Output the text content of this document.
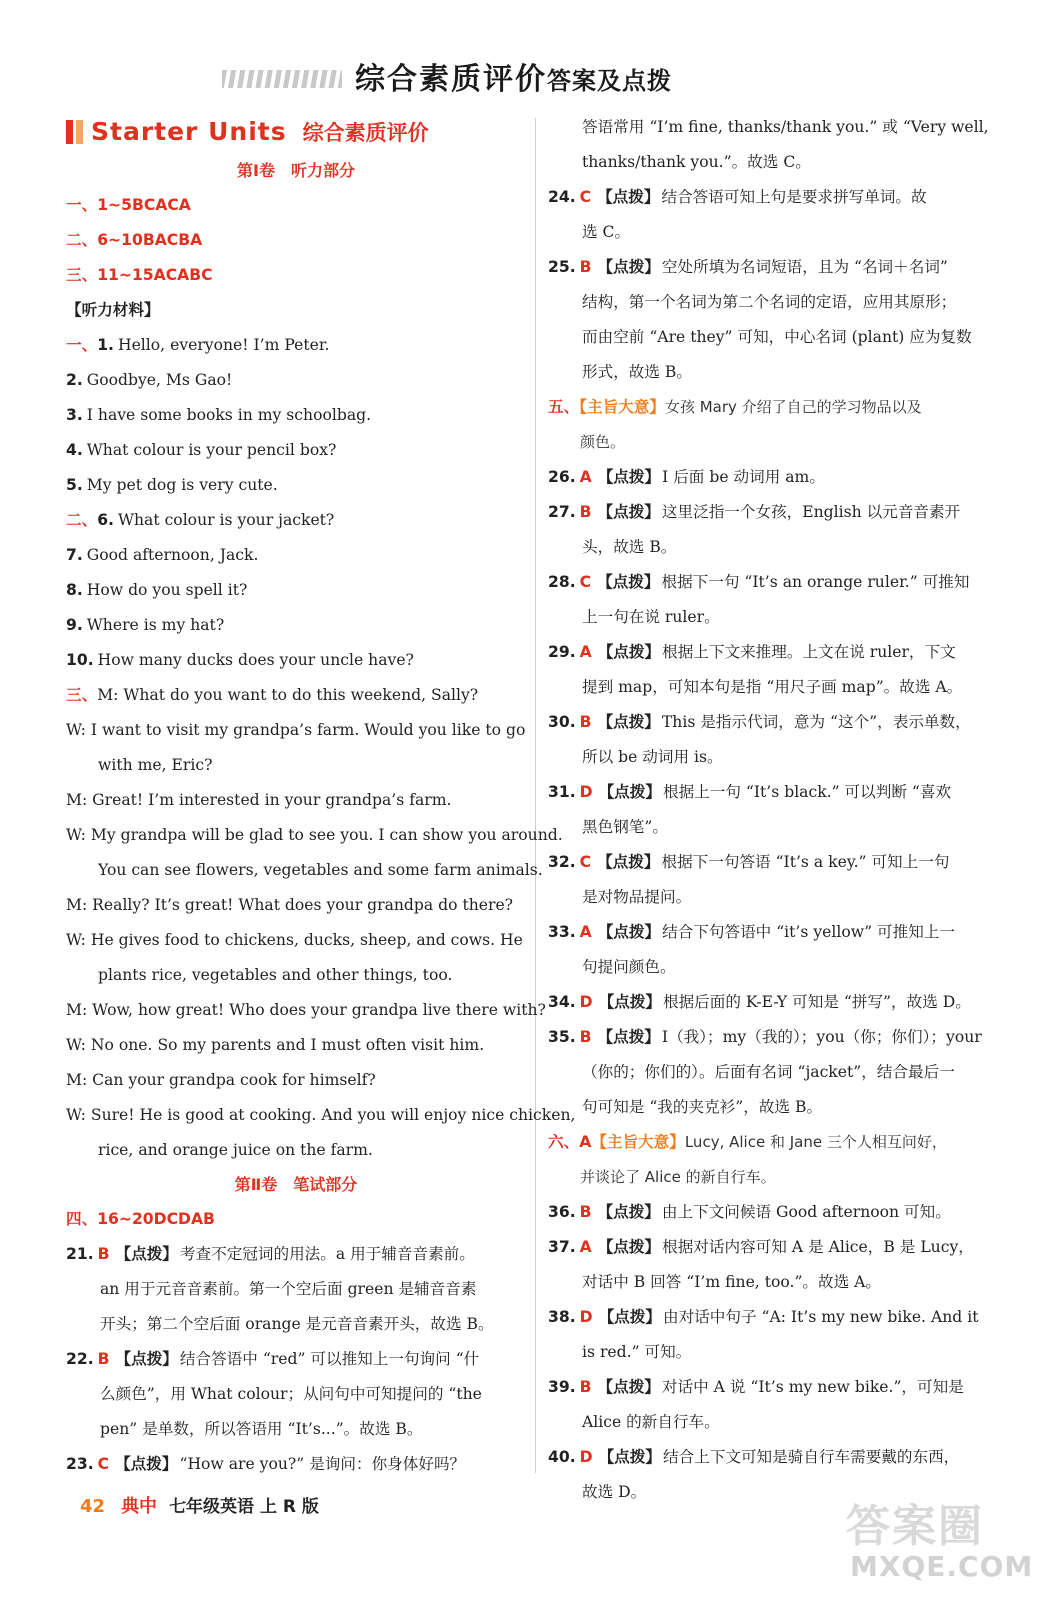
综合素质评价答案及点拨
Starter Units 综合素质评价
第Ⅰ卷　听力部分
一、1~5BCACA
二、6~10BACBA
三、11~15ACABC
【听力材料】
一、1. Hello, everyone! I’m Peter.
2. Goodbye, Ms Gao!
3. I have some books in my schoolbag.
4. What colour is your pencil box?
5. My pet dog is very cute.
二、6. What colour is your jacket?
7. Good afternoon, Jack.
8. How do you spell it?
9. Where is my hat?
10. How many ducks does your uncle have?
三、M: What do you want to do this weekend, Sally?
W: I want to visit my grandpa’s farm. Would you like to go
with me, Eric?
M: Great! I’m interested in your grandpa’s farm.
W: My grandpa will be glad to see you. I can show you around.
You can see flowers, vegetables and some farm animals.
M: Really? It’s great! What does your grandpa do there?
W: He gives food to chickens, ducks, sheep, and cows. He
plants rice, vegetables and other things, too.
M: Wow, how great! Who does your grandpa live there with?
W: No one. So my parents and I must often visit him.
M: Can your grandpa cook for himself?
W: Sure! He is good at cooking. And you will enjoy nice chicken,
rice, and orange juice on the farm.
第Ⅱ卷　笔试部分
四、16~20DCDAB
21. B 【点拨】 考查不定冠词的用法。a 用于辅音音素前。
an 用于元音音素前。第一个空后面 green 是辅音音素
开头；第二个空后面 orange 是元音音素开头，故选 B。
22. B 【点拨】 结合答语中 “red” 可以推知上一句询问 “什
么颜色”，用 What colour；从问句中可知提问的 “the
pen” 是单数，所以答语用 “It’s...”。故选 B。
23. C 【点拨】 “How are you?” 是询问：你身体好吗？
答语常用 “I’m fine, thanks/thank you.” 或 “Very well,
thanks/thank you.”。故选 C。
24. C 【点拨】 结合答语可知上句是要求拼写单词。故
选 C。
25. B 【点拨】 空处所填为名词短语，且为 “名词＋名词”
结构，第一个名词为第二个名词的定语，应用其原形；
而由空前 “Are they” 可知，中心名词 (plant) 应为复数
形式，故选 B。
五、【主旨大意】女孩 Mary 介绍了自己的学习物品以及
颜色。
26. A 【点拨】 I 后面 be 动词用 am。
27. B 【点拨】 这里泛指一个女孩，English 以元音音素开
头，故选 B。
28. C 【点拨】 根据下一句 “It’s an orange ruler.” 可推知
上一句在说 ruler。
29. A 【点拨】 根据上下文来推理。上文在说 ruler，下文
提到 map，可知本句是指 “用尺子画 map”。故选 A。
30. B 【点拨】 This 是指示代词，意为 “这个”，表示单数，
所以 be 动词用 is。
31. D 【点拨】 根据上一句 “It’s black.” 可以判断 “喜欢
黑色钢笔”。
32. C 【点拨】 根据下一句答语 “It’s a key.” 可知上一句
是对物品提问。
33. A 【点拨】 结合下句答语中 “it’s yellow” 可推知上一
句提问颜色。
34. D 【点拨】 根据后面的 K-E-Y 可知是 “拼写”，故选 D。
35. B 【点拨】 I（我）；my（我的）；you（你；你们）；your
（你的；你们的）。后面有名词 “jacket”，结合最后一
句可知是 “我的夹克衫”，故选 B。
六、A【主旨大意】Lucy, Alice 和 Jane 三个人相互问好，
并谈论了 Alice 的新自行车。
36. B 【点拨】 由上下文问候语 Good afternoon 可知。
37. A 【点拨】 根据对话内容可知 A 是 Alice，B 是 Lucy，
对话中 B 回答 “I’m fine, too.”。故选 A。
38. D 【点拨】 由对话中句子 “A: It’s my new bike. And it
is red.” 可知。
39. B 【点拨】 对话中 A 说 “It’s my new bike.”，可知是
Alice 的新自行车。
40. D 【点拨】 结合上下文可知是骑自行车需要戴的东西，
故选 D。
42 典中 七年级英语 上 R 版	答案圈
MXQE.COM
